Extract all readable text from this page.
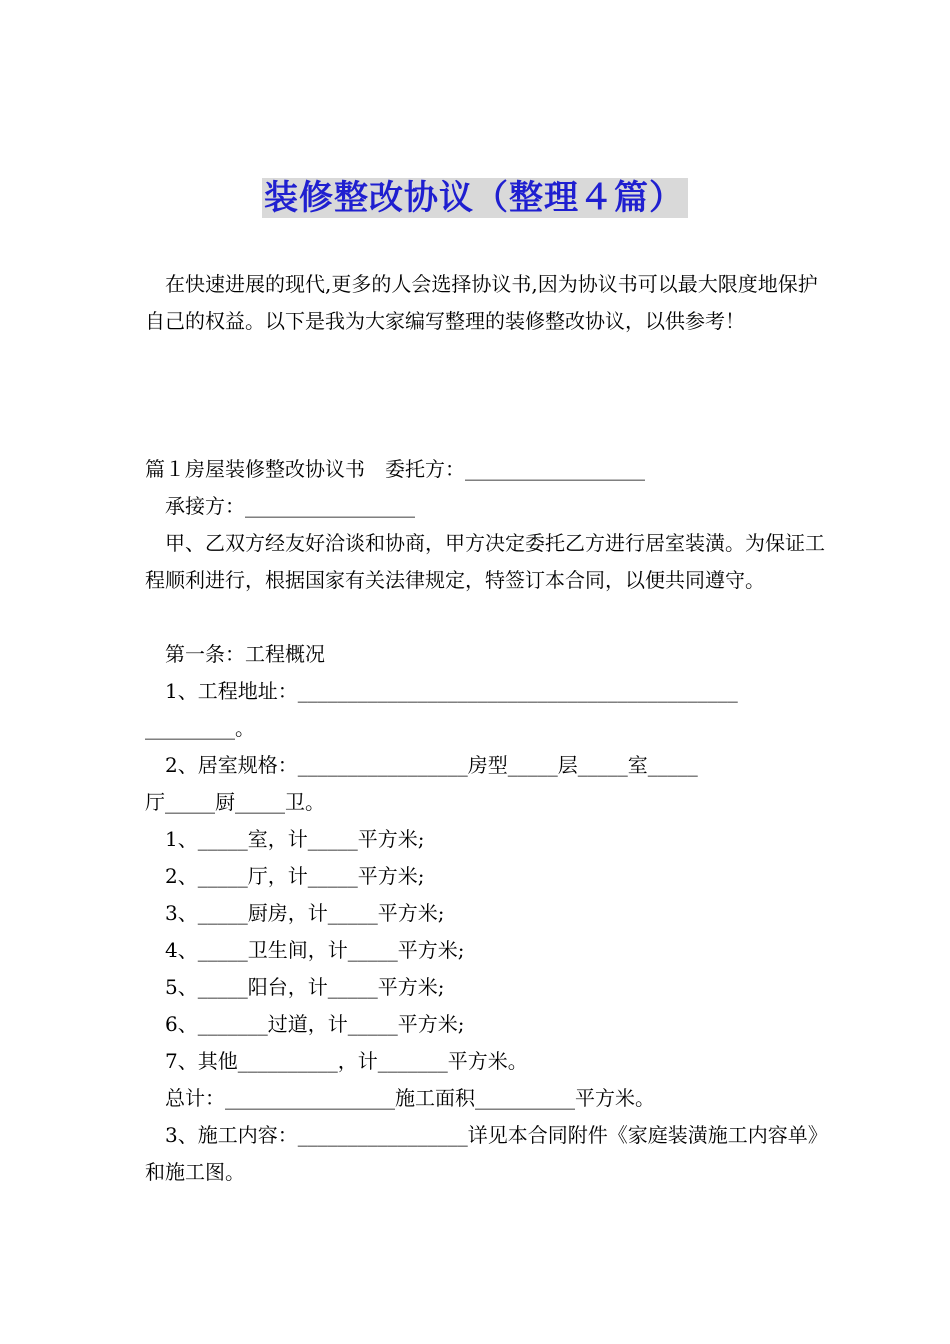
装修整改协议（整理４篇）
　在快速进展的现代,更多的人会选择协议书,因为协议书可以最大限度地保护自己的权益。以下是我为大家编写整理的装修整改协议，以供参考！
篇１房屋装修整改协议书　委托方：__________________
　承接方：_________________
　甲、乙双方经友好洽谈和协商，甲方决定委托乙方进行居室装潢。为保证工程顺利进行，根据国家有关法律规定，特签订本合同，以便共同遵守。
　第一条：工程概况
　1、工程地址：____________________________________________
_________。
　2、居室规格：_________________房型_____层_____室_____
厅_____厨_____卫。
　1、_____室，计_____平方米;
　2、_____厅，计_____平方米;
　3、_____厨房，计_____平方米;
　4、_____卫生间，计_____平方米;
　5、_____阳台，计_____平方米;
　6、_______过道，计_____平方米;
　7、其他__________，计_______平方米。
　总计：_________________施工面积__________平方米。
　3、施工内容：_________________详见本合同附件《家庭装潢施工内容单》和施工图。
